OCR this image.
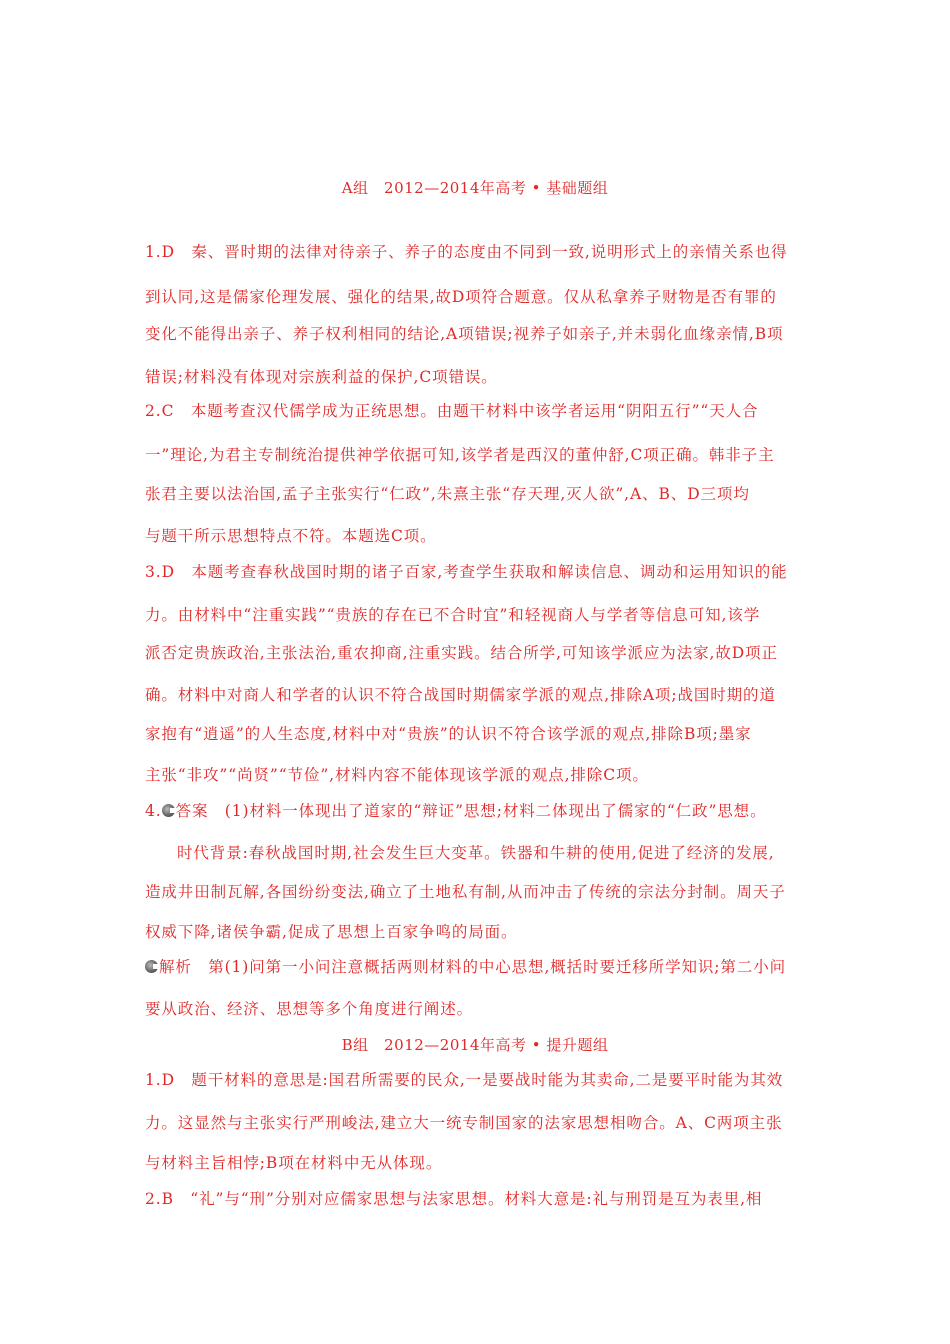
A组　2012—2014年高考 • 基础题组
1.D　秦、晋时期的法律对待亲子、养子的态度由不同到一致,说明形式上的亲情关系也得
到认同,这是儒家伦理发展、强化的结果,故D项符合题意。仅从私拿养子财物是否有罪的
变化不能得出亲子、养子权利相同的结论,A项错误;视养子如亲子,并未弱化血缘亲情,B项
错误;材料没有体现对宗族利益的保护,C项错误。
2.C　本题考查汉代儒学成为正统思想。由题干材料中该学者运用“阴阳五行”“天人合
一”理论,为君主专制统治提供神学依据可知,该学者是西汉的董仲舒,C项正确。韩非子主
张君主要以法治国,孟子主张实行“仁政”,朱熹主张“存天理,灭人欲”,A、B、D三项均
与题干所示思想特点不符。本题选C项。
3.D　本题考查春秋战国时期的诸子百家,考查学生获取和解读信息、调动和运用知识的能
力。由材料中“注重实践”“贵族的存在已不合时宜”和轻视商人与学者等信息可知,该学
派否定贵族政治,主张法治,重农抑商,注重实践。结合所学,可知该学派应为法家,故D项正
确。材料中对商人和学者的认识不符合战国时期儒家学派的观点,排除A项;战国时期的道
家抱有“逍遥”的人生态度,材料中对“贵族”的认识不符合该学派的观点,排除B项;墨家
主张“非攻”“尚贤”“节俭”,材料内容不能体现该学派的观点,排除C项。
4. 答案　(1)材料一体现出了道家的“辩证”思想;材料二体现出了儒家的“仁政”思想。
时代背景:春秋战国时期,社会发生巨大变革。铁器和牛耕的使用,促进了经济的发展,
造成井田制瓦解,各国纷纷变法,确立了土地私有制,从而冲击了传统的宗法分封制。周天子
权威下降,诸侯争霸,促成了思想上百家争鸣的局面。
解析　第(1)问第一小问注意概括两则材料的中心思想,概括时要迁移所学知识;第二小问
要从政治、经济、思想等多个角度进行阐述。
B组　2012—2014年高考 • 提升题组
1.D　题干材料的意思是:国君所需要的民众,一是要战时能为其卖命,二是要平时能为其效
力。这显然与主张实行严刑峻法,建立大一统专制国家的法家思想相吻合。A、C两项主张
与材料主旨相悖;B项在材料中无从体现。
2.B　“礼”与“刑”分别对应儒家思想与法家思想。材料大意是:礼与刑罚是互为表里,相
